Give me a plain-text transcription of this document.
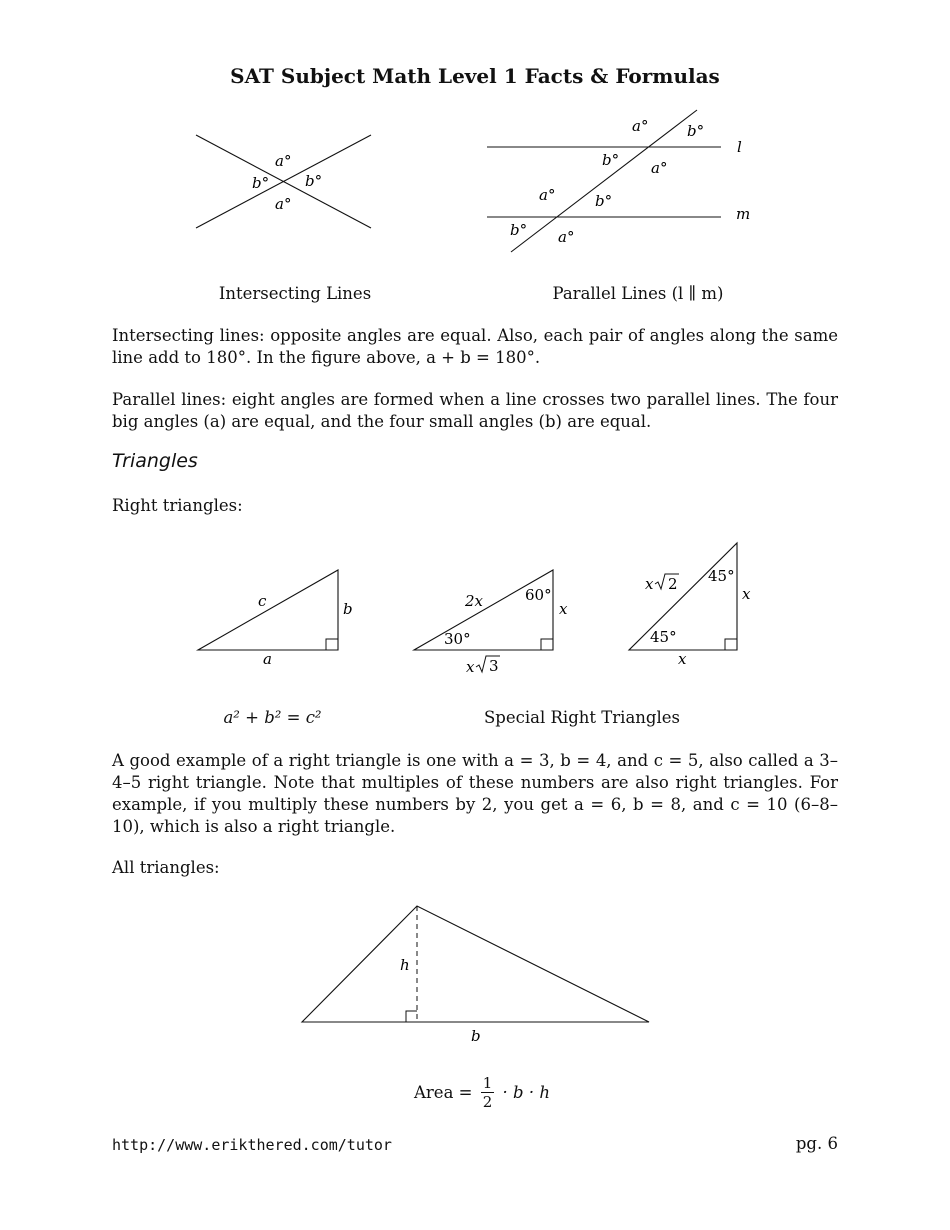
SAT Subject Math Level 1 Facts & Formulas
a°
b° b°
a°
l
m
a°	b°
b° a°
a°	b°
b° a°
Intersecting Lines	Parallel Lines (l ∥ m)
Intersecting lines: opposite angles are equal. Also, each pair of angles along the same line add to 180°. In the figure above, a + b = 180°.
Parallel lines: eight angles are formed when a line crosses two parallel lines. The four big angles (a) are equal, and the four small angles (b) are equal.
Triangles
Right triangles:
c	b
a
2x	60°
30°
x
x 3
x 2 45°
45°
x
x
a² + b² = c²	Special Right Triangles
A good example of a right triangle is one with a = 3, b = 4, and c = 5, also called a 3–4–5 right triangle. Note that multiples of these numbers are also right triangles. For example, if you multiply these numbers by 2, you get a = 6, b = 8, and c = 10 (6–8–10), which is also a right triangle.
All triangles:
h
b
Area = $\frac{1}{2} \cdot b \cdot h$
http://www.erikthered.com/tutor	pg. 6
